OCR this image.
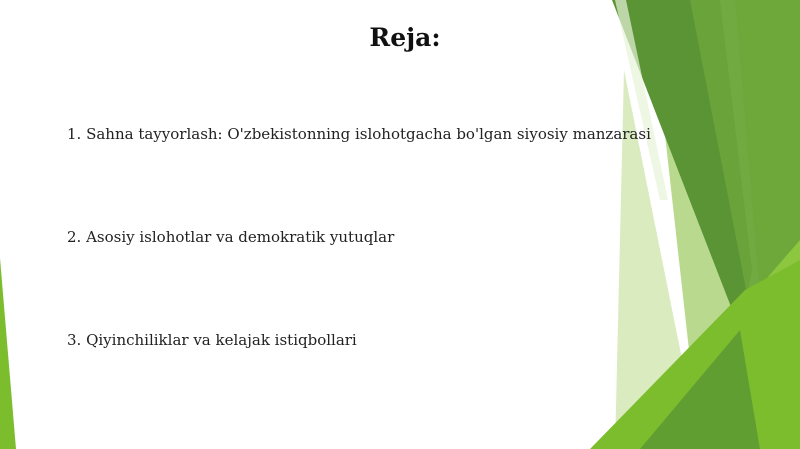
Reja:

1. Sahna tayyorlash: O'zbekistonning islohotgacha bo'lgan siyosiy manzarasi

2. Asosiy islohotlar va demokratik yutuqlar

3. Qiyinchiliklar va kelajak istiqbollari
